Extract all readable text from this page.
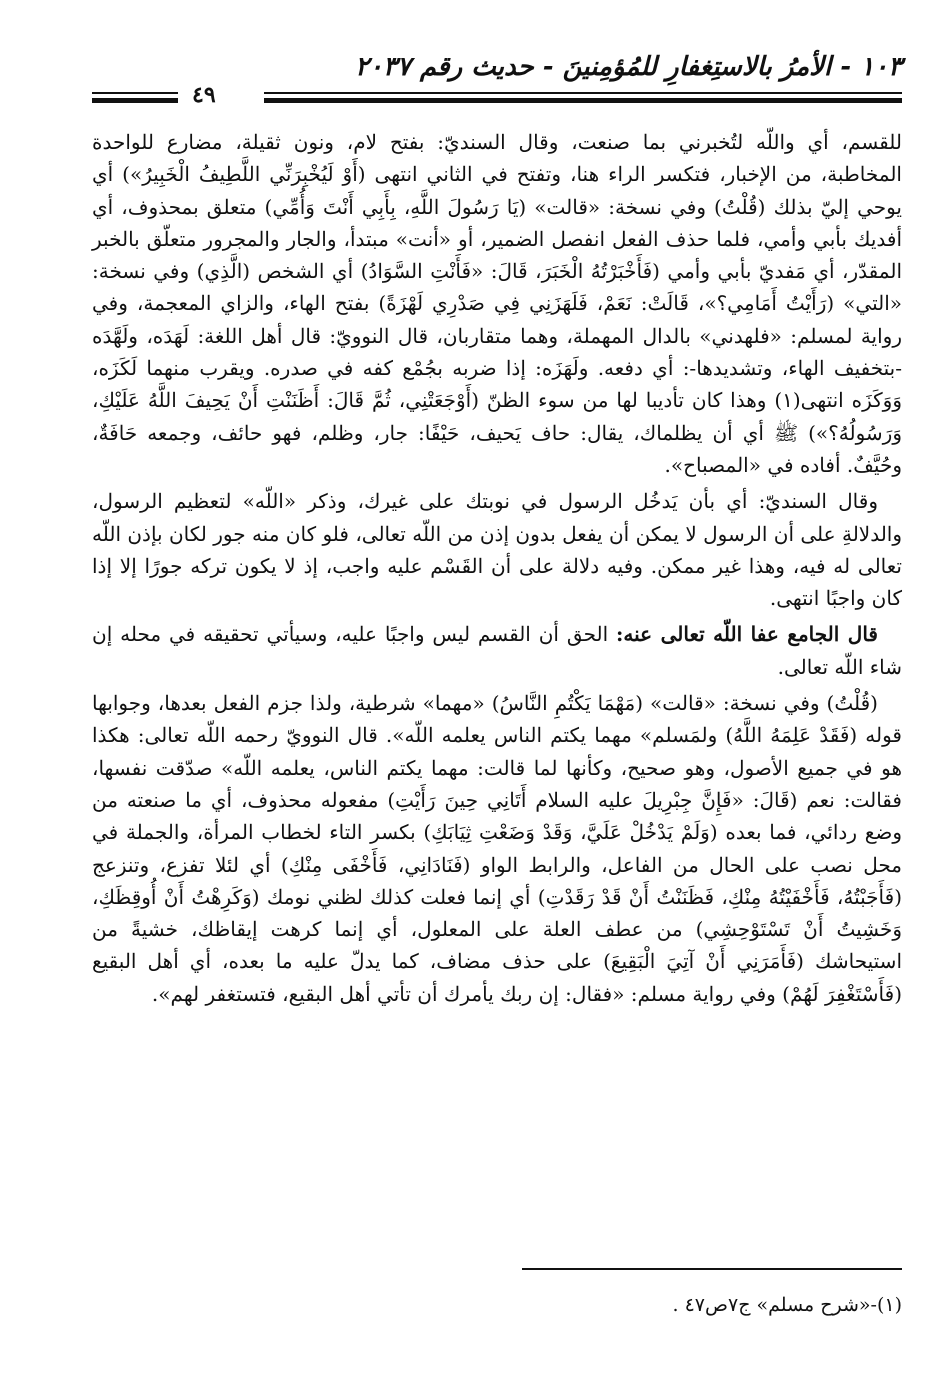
١٠٣ - الأمرُ بالاستِغفارِ للمُؤمِنينَ - حديث رقم ٢٠٣٧
٤٩

للقسم، أي واللّه لتُخبرني بما صنعت، وقال السنديّ: بفتح لام، ونون ثقيلة، مضارع للواحدة المخاطبة، من الإخبار، فتكسر الراء هنا، وتفتح في الثاني انتهى (أَوْ لَيُخْبِرَنِّي اللَّطِيفُ الْخَبِيرُ») أي يوحي إليّ بذلك (قُلْتُ) وفي نسخة: «قالت» (يَا رَسُولَ اللَّهِ، بِأَبِي أَنْتَ وَأُمِّي) متعلق بمحذوف، أي أفديك بأبي وأمي، فلما حذف الفعل انفصل الضمير، أو «أنت» مبتدأ، والجار والمجرور متعلّق بالخبر المقدّر، أي مَفديّ بأبي وأمي (فَأَخْبَرْتُهُ الْخَبَرَ، قَالَ: «فَأَنْتِ السَّوَادُ) أي الشخص (الَّذِي) وفي نسخة: «التي» (رَأَيْتُ أَمَامِي؟»، قَالَتْ: نَعَمْ، فَلَهَزَنِي فِي صَدْرِي لَهْزَةً) بفتح الهاء، والزاي المعجمة، وفي رواية لمسلم: «فلهدني» بالدال المهملة، وهما متقاربان، قال النوويّ: قال أهل اللغة: لَهَدَه، ولَهَّدَه -بتخفيف الهاء، وتشديدها-: أي دفعه. ولَهَزَه: إذا ضربه بجُمْع كفه في صدره. ويقرب منهما لَكَزَه، وَوَكَزَه انتهى(١) وهذا كان تأديبا لها من سوء الظنّ (أَوْجَعَتْنِي، ثُمَّ قَالَ: أَظَنَنْتِ أَنْ يَحِيفَ اللَّهُ عَلَيْكِ، وَرَسُولُهُ؟») ﷺ أي أن يظلماك، يقال: حاف يَحيف، حَيْفًا: جار، وظلم، فهو حائف، وجمعه حَافَةٌ، وحُيَّفٌ. أفاده في «المصباح».

وقال السنديّ: أي بأن يَدخُل الرسول في نوبتك على غيرك، وذكر «اللّه» لتعظيم الرسول، والدلالةِ على أن الرسول لا يمكن أن يفعل بدون إذن من اللّه تعالى، فلو كان منه جور لكان بإذن اللّه تعالى له فيه، وهذا غير ممكن. وفيه دلالة على أن القَسْم عليه واجب، إذ لا يكون تركه جورًا إلا إذا كان واجبًا انتهى.

قال الجامع عفا اللّه تعالى عنه: الحق أن القسم ليس واجبًا عليه، وسيأتي تحقيقه في محله إن شاء اللّه تعالى.

(قُلْتُ) وفي نسخة: «قالت» (مَهْمَا يَكْتُمِ النَّاسُ) «مهما» شرطية، ولذا جزم الفعل بعدها، وجوابها قوله (فَقَدْ عَلِمَهُ اللَّهُ) ولمَسلم» مهما يكتم الناس يعلمه اللّه». قال النوويّ رحمه اللّه تعالى: هكذا هو في جميع الأصول، وهو صحيح، وكأنها لما قالت: مهما يكتم الناس، يعلمه اللّه» صدّقت نفسها، فقالت: نعم (قَالَ: «فَإِنَّ جِبْرِيلَ عليه السلام أَتَانِي حِينَ رَأَيْتِ) مفعوله محذوف، أي ما صنعته من وضع ردائي، فما بعده (وَلَمْ يَدْخُلْ عَلَيَّ، وَقَدْ وَضَعْتِ ثِيَابَكِ) بكسر التاء لخطاب المرأة، والجملة في محل نصب على الحال من الفاعل، والرابط الواو (فَنَادَانِي، فَأَخْفَى مِنْكِ) أي لئلا تفزع، وتنزعج (فَأَجَبْتُهُ، فَأَخْفَيْتُهُ مِنْكِ، فَظَنَنْتُ أَنْ قَدْ رَقَدْتِ) أي إنما فعلت كذلك لظني نومك (وَكَرِهْتُ أَنْ أُوقِظَكِ، وَخَشِيتُ أَنْ تَسْتَوْحِشِي) من عطف العلة على المعلول، أي إنما كرهت إيقاظك، خشيةً من استيحاشك (فَأَمَرَنِي أَنْ آتِيَ الْبَقِيعَ) على حذف مضاف، كما يدلّ عليه ما بعده، أي أهل البقيع (فَأَسْتَغْفِرَ لَهُمْ) وفي رواية مسلم: «فقال: إن ربك يأمرك أن تأتي أهل البقيع، فتستغفر لهم».

(١)-«شرح مسلم» ج٧ص٤٧ .
